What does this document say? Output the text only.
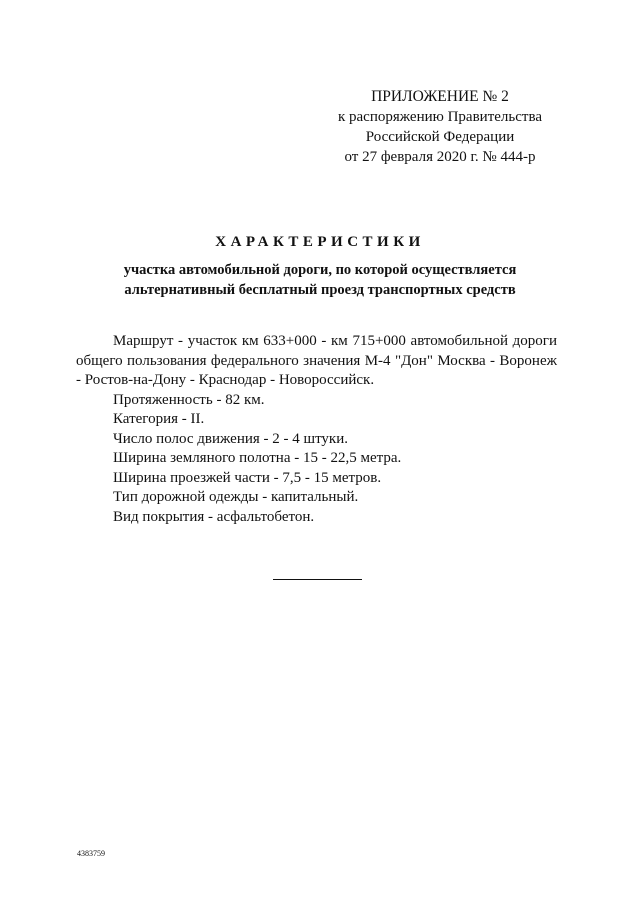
ПРИЛОЖЕНИЕ № 2
к распоряжению Правительства
Российской Федерации
от 27 февраля 2020 г. № 444-р
ХАРАКТЕРИСТИКИ
участка автомобильной дороги, по которой осуществляется
альтернативный бесплатный проезд транспортных средств

Маршрут - участок км 633+000 - км 715+000 автомобильной дороги общего пользования федерального значения М-4 "Дон" Москва - Воронеж - Ростов-на-Дону - Краснодар - Новороссийск.

Протяженность - 82 км.

Категория - II.

Число полос движения - 2 - 4 штуки.

Ширина земляного полотна - 15 - 22,5 метра.

Ширина проезжей части - 7,5 - 15 метров.

Тип дорожной одежды - капитальный.

Вид покрытия - асфальтобетон.

4383759
